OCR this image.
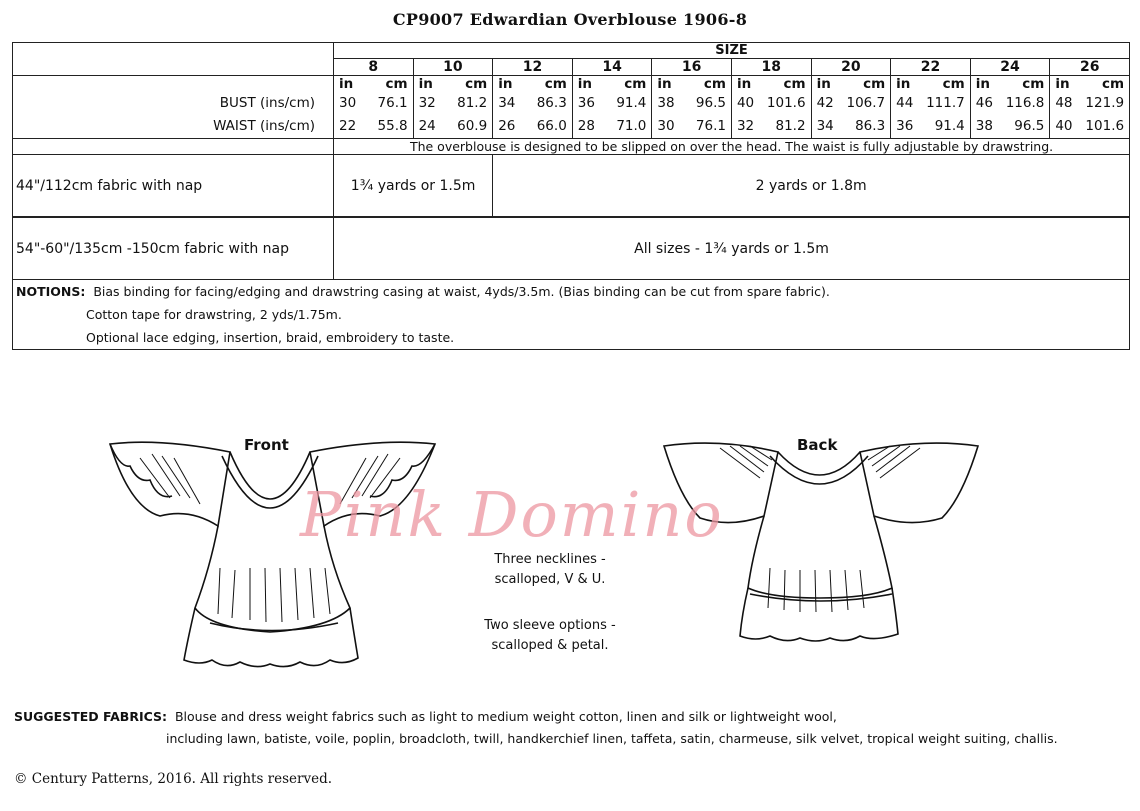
CP9007 Edwardian Overblouse 1906-8
	SIZE									
	8	10	12	14	16	18	20	22	24	26

	in cm	in cm	in cm	in cm	in cm	in cm	in cm	in cm	in cm	in cm

BUST (ins/cm)	30 76.1	32 81.2	34 86.3	36 91.4	38 96.5	40 101.6	42 106.7	44 111.7	46 116.8	48 121.9

WAIST (ins/cm)	22 55.8	24 60.9	26 66.0	28 71.0	30 76.1	32 81.2	34 86.3	36 91.4	38 96.5	40 101.6

	The overblouse is designed to be slipped on over the head. The waist is fully adjustable by drawstring.									
44"/112cm fabric with nap	1¾ yards or 1.5m		2 yards or 1.8m							

54"-60"/135cm -150cm fabric with nap	All sizes - 1¾ yards or 1.5m									

NOTIONS: Bias binding for facing/edging and drawstring casing at waist, 4yds/3.5m. (Bias binding can be cut from spare fabric).
Cotton tape for drawstring, 2 yds/1.75m.
Optional lace edging, insertion, braid, embroidery to taste.										
Front	Back
Three necklines -
scalloped, V & U.
Two sleeve options -
scalloped & petal.
Pink Domino
SUGGESTED FABRICS: Blouse and dress weight fabrics such as light to medium weight cotton, linen and silk or lightweight wool,
including lawn, batiste, voile, poplin, broadcloth, twill, handkerchief linen, taffeta, satin, charmeuse, silk velvet, tropical weight suiting, challis.
© Century Patterns, 2016. All rights reserved.
